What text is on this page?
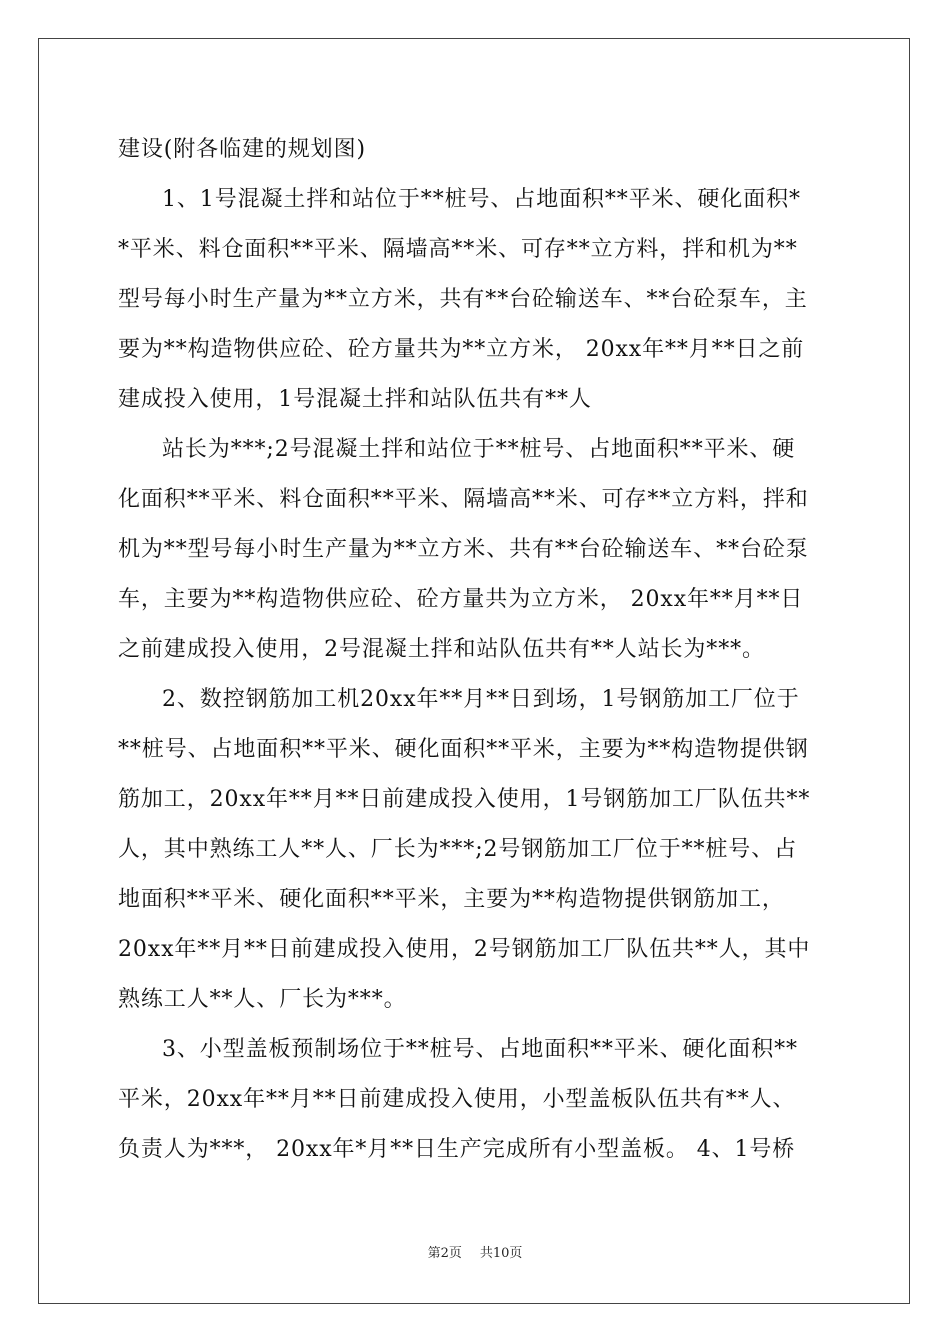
建设(附各临建的规划图)
1、1号混凝土拌和站位于**桩号、占地面积**平米、硬化面积*
*平米、料仓面积**平米、隔墙高**米、可存**立方料，拌和机为**
型号每小时生产量为**立方米，共有**台砼输送车、**台砼泵车，主
要为**构造物供应砼、砼方量共为**立方米， 20xx年**月**日之前
建成投入使用，1号混凝土拌和站队伍共有**人
站长为***;2号混凝土拌和站位于**桩号、占地面积**平米、硬
化面积**平米、料仓面积**平米、隔墙高**米、可存**立方料，拌和
机为**型号每小时生产量为**立方米、共有**台砼输送车、**台砼泵
车，主要为**构造物供应砼、砼方量共为立方米， 20xx年**月**日
之前建成投入使用，2号混凝土拌和站队伍共有**人站长为***。
2、数控钢筋加工机20xx年**月**日到场，1号钢筋加工厂位于
**桩号、占地面积**平米、硬化面积**平米，主要为**构造物提供钢
筋加工，20xx年**月**日前建成投入使用，1号钢筋加工厂队伍共**
人，其中熟练工人**人、厂长为***;2号钢筋加工厂位于**桩号、占
地面积**平米、硬化面积**平米，主要为**构造物提供钢筋加工，
20xx年**月**日前建成投入使用，2号钢筋加工厂队伍共**人，其中
熟练工人**人、厂长为***。
3、小型盖板预制场位于**桩号、占地面积**平米、硬化面积**
平米，20xx年**月**日前建成投入使用，小型盖板队伍共有**人、
负责人为***， 20xx年*月**日生产完成所有小型盖板。 4、1号桥
第2页 共10页
